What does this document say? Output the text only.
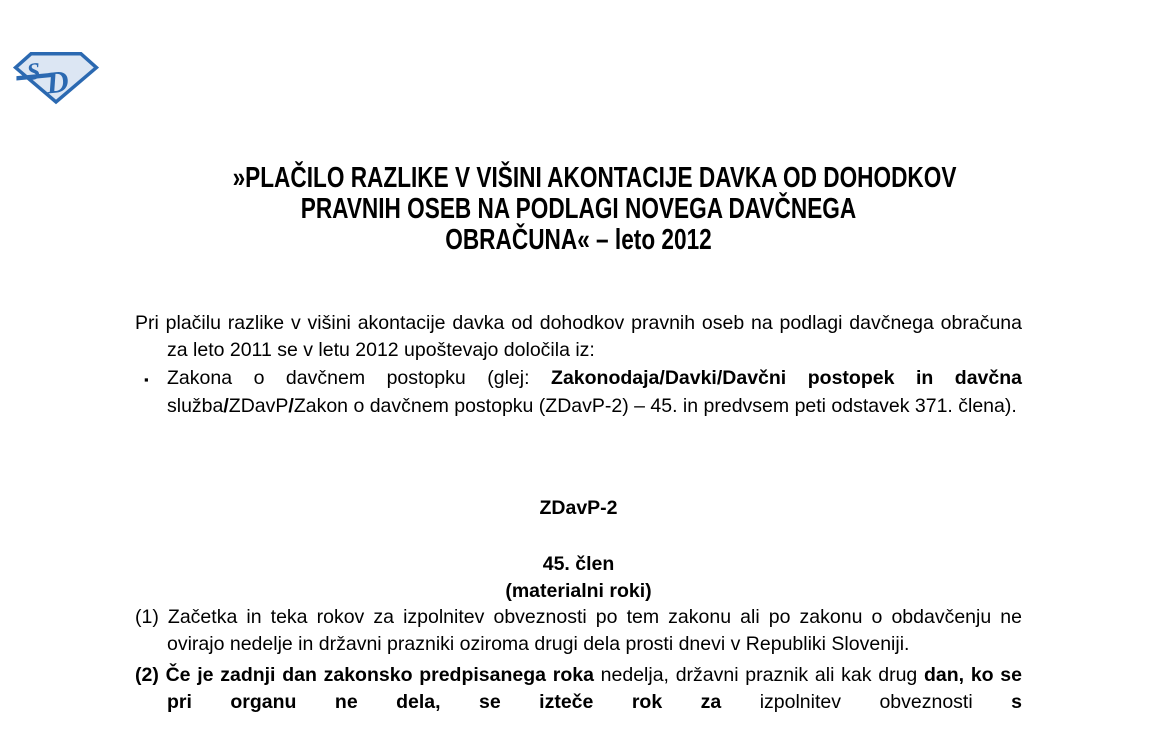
S D
»PLAČILO RAZLIKE V VIŠINI AKONTACIJE DAVKA OD DOHODKOV
PRAVNIH OSEB NA PODLAGI NOVEGA DAVČNEGA
OBRAČUNA« – leto 2012

Pri plačilu razlike v višini akontacije davka od dohodkov pravnih oseb na podlagi davčnega obračuna za leto 2011 se v letu 2012 upoštevajo določila iz:

▪ Zakona o davčnem postopku (glej: Zakonodaja/Davki/Davčni postopek in davčna služba/ZDavP/Zakon o davčnem postopku (ZDavP-2) – 45. in predvsem peti odstavek 371. člena).

ZDavP-2
45. člen
(materialni roki)

(1) Začetka in teka rokov za izpolnitev obveznosti po tem zakonu ali po zakonu o obdavčenju ne ovirajo nedelje in državni prazniki oziroma drugi dela prosti dnevi v Republiki Sloveniji.

(2) Če je zadnji dan zakonsko predpisanega roka nedelja, državni praznik ali kak drug dan, ko se pri organu ne dela, se izteče rok za izpolnitev obveznosti s
